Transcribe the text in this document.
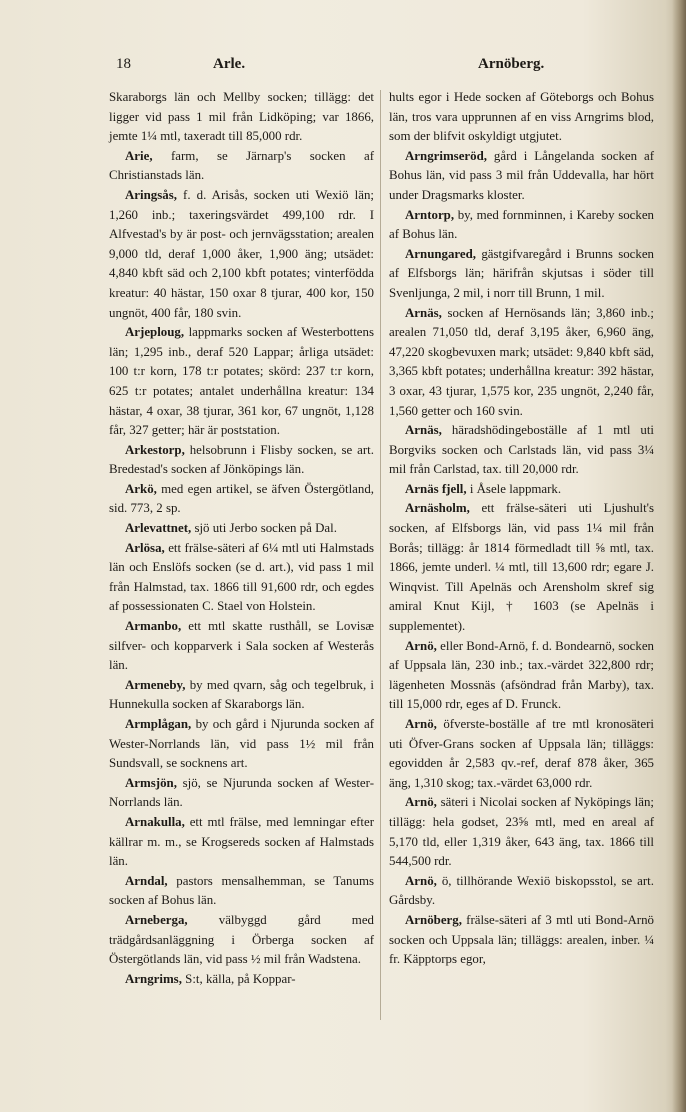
18	Arle.	Arnöberg.

Skaraborgs län och Mellby socken; tillägg: det ligger vid pass 1 mil från Lidköping; var 1866, jemte 1¼ mtl, taxeradt till 85,000 rdr.

Arie, farm, se Järnarp's socken af Christianstads län.

Aringsås, f. d. Arisås, socken uti Wexiö län; 1,260 inb.; taxeringsvärdet 499,100 rdr. I Alfvestad's by är post- och jernvägsstation; arealen 9,000 tld, deraf 1,000 åker, 1,900 äng; utsädet: 4,840 kbft säd och 2,100 kbft potates; vinterfödda kreatur: 40 hästar, 150 oxar 8 tjurar, 400 kor, 150 ungnöt, 400 får, 180 svin.

Arjeploug, lappmarks socken af Westerbottens län; 1,295 inb., deraf 520 Lappar; årliga utsädet: 100 t:r korn, 178 t:r potates; skörd: 237 t:r korn, 625 t:r potates; antalet underhållna kreatur: 134 hästar, 4 oxar, 38 tjurar, 361 kor, 67 ungnöt, 1,128 får, 327 getter; här är poststation.

Arkestorp, helsobrunn i Flisby socken, se art. Bredestad's socken af Jönköpings län.

Arkö, med egen artikel, se äfven Östergötland, sid. 773, 2 sp.

Arlevattnet, sjö uti Jerbo socken på Dal.

Arlösa, ett frälse-säteri af 6¼ mtl uti Halmstads län och Enslöfs socken (se d. art.), vid pass 1 mil från Halmstad, tax. 1866 till 91,600 rdr, och egdes af possessionaten C. Stael von Holstein.

Armanbo, ett mtl skatte rusthåll, se Lovisæ silfver- och kopparverk i Sala socken af Westerås län.

Armeneby, by med qvarn, såg och tegelbruk, i Hunnekulla socken af Skaraborgs län.

Armplågan, by och gård i Njurunda socken af Wester-Norrlands län, vid pass 1½ mil från Sundsvall, se socknens art.

Armsjön, sjö, se Njurunda socken af Wester-Norrlands län.

Arnakulla, ett mtl frälse, med lemningar efter källrar m. m., se Krogsereds socken af Halmstads län.

Arndal, pastors mensalhemman, se Tanums socken af Bohus län.

Arneberga, välbyggd gård med trädgårdsanläggning i Örberga socken af Östergötlands län, vid pass ½ mil från Wadstena.

Arngrims, S:t, källa, på Koppar-

hults egor i Hede socken af Göteborgs och Bohus län, tros vara upprunnen af en viss Arngrims blod, som der blifvit oskyldigt utgjutet.

Arngrimseröd, gård i Långelanda socken af Bohus län, vid pass 3 mil från Uddevalla, har hört under Dragsmarks kloster.

Arntorp, by, med fornminnen, i Kareby socken af Bohus län.

Arnungared, gästgifvaregård i Brunns socken af Elfsborgs län; härifrån skjutsas i söder till Svenljunga, 2 mil, i norr till Brunn, 1 mil.

Arnäs, socken af Hernösands län; 3,860 inb.; arealen 71,050 tld, deraf 3,195 åker, 6,960 äng, 47,220 skogbevuxen mark; utsädet: 9,840 kbft säd, 3,365 kbft potates; underhållna kreatur: 392 hästar, 3 oxar, 43 tjurar, 1,575 kor, 235 ungnöt, 2,240 får, 1,560 getter och 160 svin.

Arnäs, häradshödingeboställe af 1 mtl uti Borgviks socken och Carlstads län, vid pass 3¼ mil från Carlstad, tax. till 20,000 rdr.

Arnäs fjell, i Åsele lappmark.

Arnäsholm, ett frälse-säteri uti Ljushult's socken, af Elfsborgs län, vid pass 1¼ mil från Borås; tillägg: år 1814 förmedladt till ⅝ mtl, tax. 1866, jemte underl. ¼ mtl, till 13,600 rdr; egare J. Winqvist. Till Apelnäs och Arensholm skref sig amiral Knut Kijl, † 1603 (se Apelnäs i supplementet).

Arnö, eller Bond-Arnö, f. d. Bondearnö, socken af Uppsala län, 230 inb.; tax.-värdet 322,800 rdr; lägenheten Mossnäs (afsöndrad från Marby), tax. till 15,000 rdr, eges af D. Frunck.

Arnö, öfverste-boställe af tre mtl kronosäteri uti Öfver-Grans socken af Uppsala län; tilläggs: egovidden år 2,583 qv.-ref, deraf 878 åker, 365 äng, 1,310 skog; tax.-värdet 63,000 rdr.

Arnö, säteri i Nicolai socken af Nyköpings län; tillägg: hela godset, 23⅝ mtl, med en areal af 5,170 tld, eller 1,319 åker, 643 äng, tax. 1866 till 544,500 rdr.

Arnö, ö, tillhörande Wexiö biskopsstol, se art. Gårdsby.

Arnöberg, frälse-säteri af 3 mtl uti Bond-Arnö socken och Uppsala län; tilläggs: arealen, inber. ¼ fr. Käpptorps egor,
